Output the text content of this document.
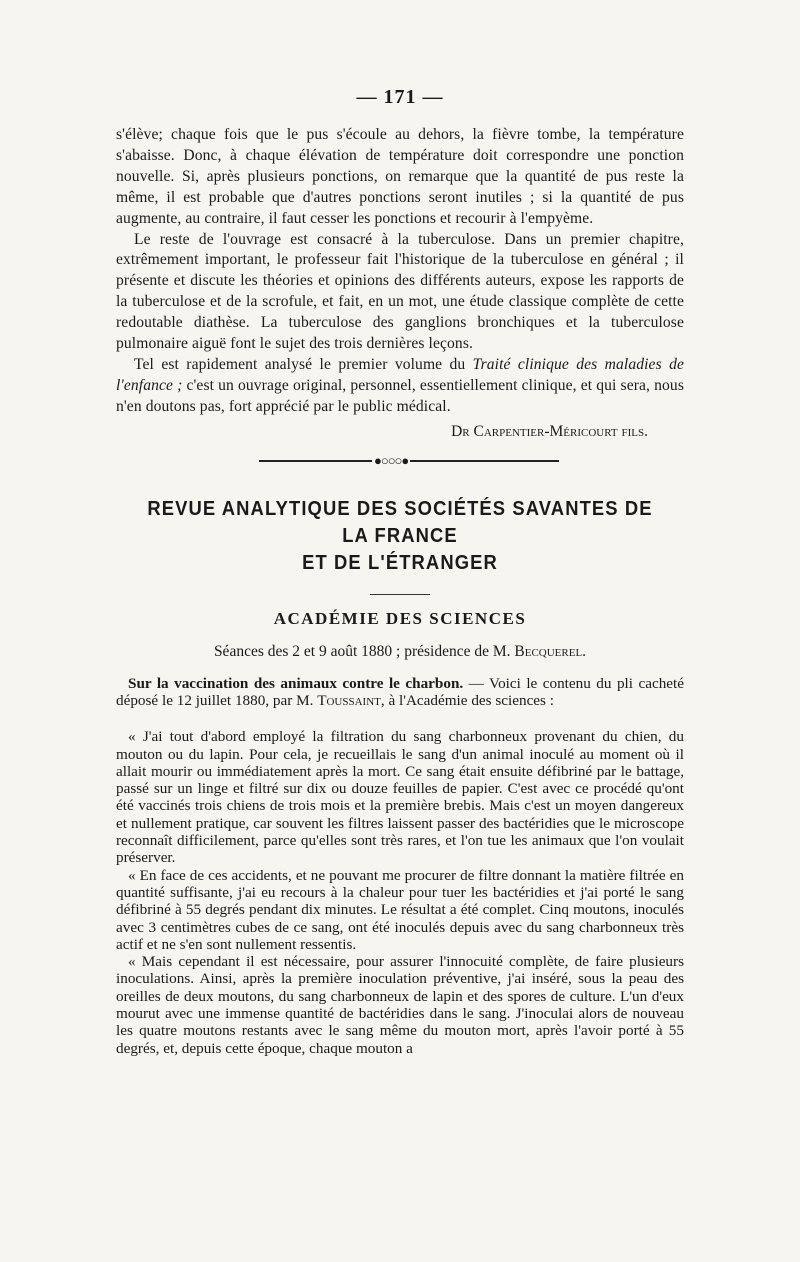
— 171 —

s'élève; chaque fois que le pus s'écoule au dehors, la fièvre tombe, la température s'abaisse. Donc, à chaque élévation de température doit correspondre une ponction nouvelle. Si, après plusieurs ponctions, on remarque que la quantité de pus reste la même, il est probable que d'autres ponctions seront inutiles ; si la quantité de pus augmente, au contraire, il faut cesser les ponctions et recourir à l'empyème.

Le reste de l'ouvrage est consacré à la tuberculose. Dans un premier chapitre, extrêmement important, le professeur fait l'historique de la tuberculose en général ; il présente et discute les théories et opinions des différents auteurs, expose les rapports de la tuberculose et de la scrofule, et fait, en un mot, une étude classique complète de cette redoutable diathèse. La tuberculose des ganglions bronchiques et la tuberculose pulmonaire aiguë font le sujet des trois dernières leçons.

Tel est rapidement analysé le premier volume du Traité clinique des maladies de l'enfance ; c'est un ouvrage original, personnel, essentiellement clinique, et qui sera, nous n'en doutons pas, fort apprécié par le public médical.

Dr Carpentier-Méricourt fils.
●○○○●
REVUE ANALYTIQUE DES SOCIÉTÉS SAVANTES DE LA FRANCE
ET DE L'ÉTRANGER
ACADÉMIE DES SCIENCES
Séances des 2 et 9 août 1880 ; présidence de M. Becquerel.

Sur la vaccination des animaux contre le charbon. — Voici le contenu du pli cacheté déposé le 12 juillet 1880, par M. Toussaint, à l'Académie des sciences :

« J'ai tout d'abord employé la filtration du sang charbonneux provenant du chien, du mouton ou du lapin. Pour cela, je recueillais le sang d'un animal inoculé au moment où il allait mourir ou immédiatement après la mort. Ce sang était ensuite défibriné par le battage, passé sur un linge et filtré sur dix ou douze feuilles de papier. C'est avec ce procédé qu'ont été vaccinés trois chiens de trois mois et la première brebis. Mais c'est un moyen dangereux et nullement pratique, car souvent les filtres laissent passer des bactéridies que le microscope reconnaît difficilement, parce qu'elles sont très rares, et l'on tue les animaux que l'on voulait préserver.

« En face de ces accidents, et ne pouvant me procurer de filtre donnant la matière filtrée en quantité suffisante, j'ai eu recours à la chaleur pour tuer les bactéridies et j'ai porté le sang défibriné à 55 degrés pendant dix minutes. Le résultat a été complet. Cinq moutons, inoculés avec 3 centimètres cubes de ce sang, ont été inoculés depuis avec du sang charbonneux très actif et ne s'en sont nullement ressentis.

« Mais cependant il est nécessaire, pour assurer l'innocuité complète, de faire plusieurs inoculations. Ainsi, après la première inoculation préventive, j'ai inséré, sous la peau des oreilles de deux moutons, du sang charbonneux de lapin et des spores de culture. L'un d'eux mourut avec une immense quantité de bactéridies dans le sang. J'inoculai alors de nouveau les quatre moutons restants avec le sang même du mouton mort, après l'avoir porté à 55 degrés, et, depuis cette époque, chaque mouton a
